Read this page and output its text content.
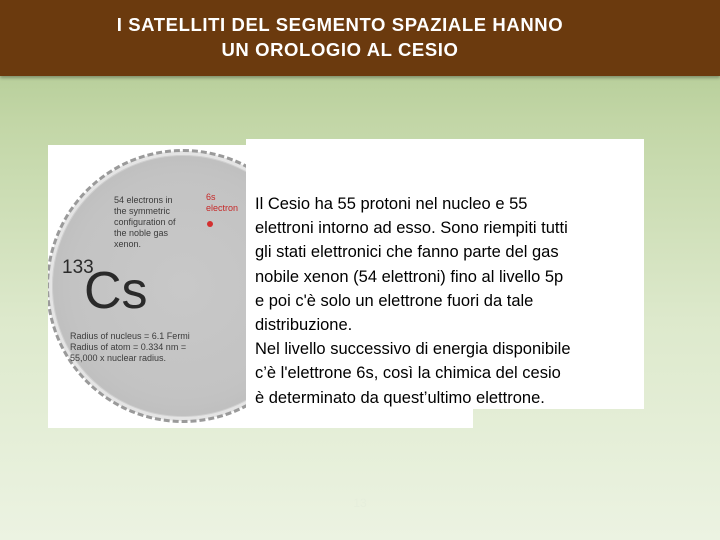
I SATELLITI DEL SEGMENTO SPAZIALE HANNO
UN OROLOGIO AL CESIO
54 electrons in
the symmetric
configuration of
the noble gas
xenon.
133
Cs
6s
electron
Radius of nucleus = 6.1 Fermi
Radius of atom = 0.334 nm =
55,000 x nuclear radius.
Il Cesio ha 55 protoni nel nucleo e 55
elettroni intorno ad esso. Sono riempiti tutti
gli stati elettronici che fanno parte del gas
nobile xenon (54 elettroni) fino al livello 5p
e poi c'è solo un elettrone fuori da tale
distribuzione.
Nel livello successivo di energia disponibile
c’è l'elettrone 6s, così la chimica del cesio
è determinato da quest’ultimo elettrone.
13
